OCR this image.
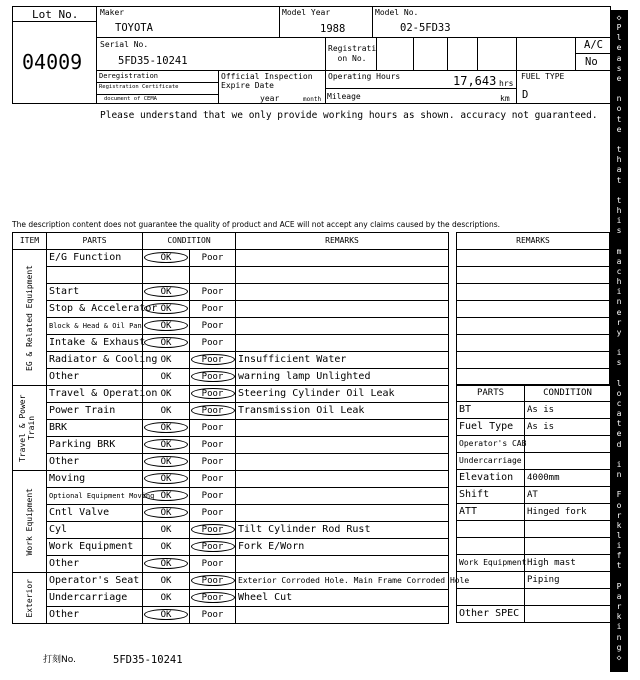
Lot No.
04009
Maker
TOYOTA
Model Year
1988
Model No.
02-5FD33
Serial No.
5FD35-10241
Registrati on No.
A/C
No
Deregistration
Registration Certificate
document of CEMA
Official Inspection Expire Date
year	month
Operating Hours	17,643 hrs
Mileage	km
FUEL TYPE
D
Please understand that we only provide working hours as shown. accuracy not guaranteed.
The description content does not guarantee the quality of product and ACE will not accept any claims caused by the descriptions.
ITEM	PARTS	CONDITION		REMARKS

EG & Related Equipment	E/G Function	OK	Poor	

	Start	OK	Poor	
	Stop & Accelerator	OK	Poor	
	Block & Head & Oil Pan	OK	Poor	
	Intake & Exhaust	OK	Poor	
	Radiator & Cooling	OK	Poor	Insufficient Water
	Other	OK	Poor	warning lamp Unlighted

Travel & Power Train	Travel & Operation	OK	Poor	Steering Cylinder Oil Leak
	Power Train	OK	Poor	Transmission Oil Leak
	BRK	OK	Poor	
	Parking BRK	OK	Poor	
	Other	OK	Poor	

Work Equipment	Moving	OK	Poor	
	Optional Equipment Moving	OK	Poor	
	Cntl Valve	OK	Poor	
	Cyl	OK	Poor	Tilt Cylinder Rod Rust
	Work Equipment	OK	Poor	Fork E/Worn
	Other	OK	Poor	

Exterior	Operator's Seat	OK	Poor	Exterior Corroded Hole. Main Frame Corroded Hole
	Undercarriage	OK	Poor	Wheel Cut
	Other	OK	Poor	
REMARKS

PARTS	CONDITION
BT	As is
Fuel Type	As is
Operator's CAB	
Undercarriage	
Elevation	4000mm
Shift	AT
ATT	Hinged fork

Work Equipment	High mast
	Piping

Other SPEC	
打刻No.	5FD35-10241
◇
P
l
e
a
s
e
n
o
t
e
t
h
a
t
t
h
i
s
m
a
c
h
i
n
e
r
y
i
s
l
o
c
a
t
e
d
i
n
F
o
r
k
l
i
f
t
P
a
r
k
i
n
g
◇
